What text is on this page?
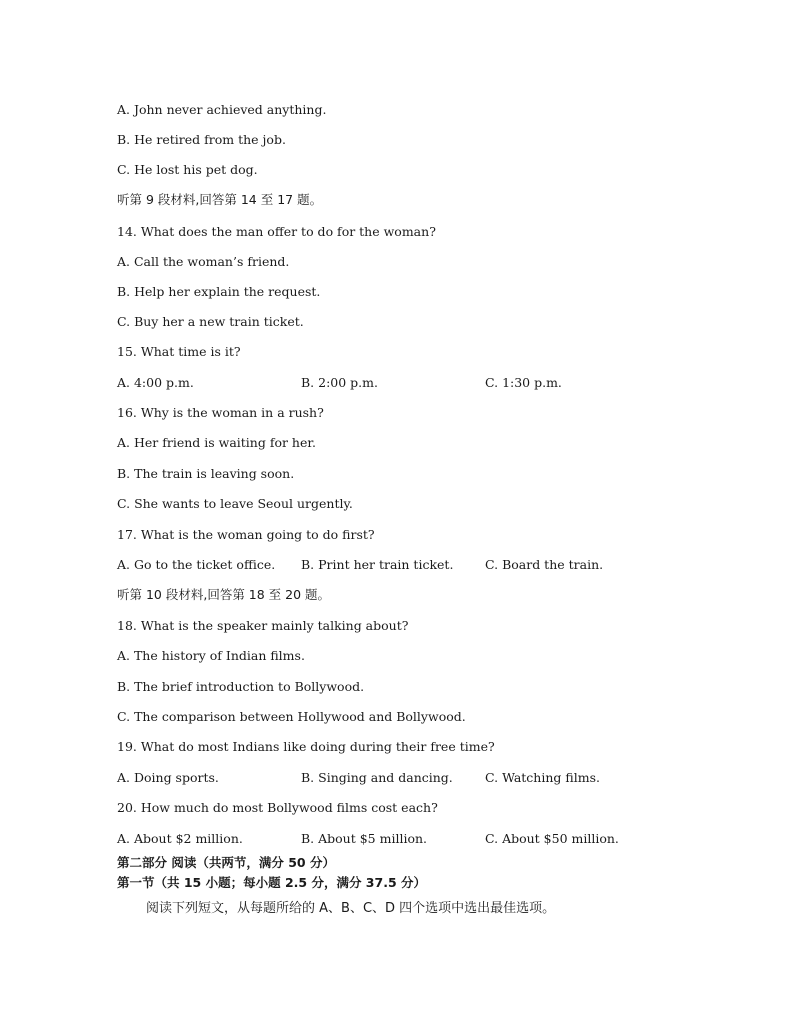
A. John never achieved anything.
B. He retired from the job.
C. He lost his pet dog.
听第 9 段材料,回答第 14 至 17 题。
14. What does the man offer to do for the woman?
A. Call the woman’s friend.
B. Help her explain the request.
C. Buy her a new train ticket.
15. What time is it?

A. 4:00 p.m.

	B. 2:00 p.m.

	C. 1:30 p.m.

16. Why is the woman in a rush?
A. Her friend is waiting for her.
B. The train is leaving soon.
C. She wants to leave Seoul urgently.
17. What is the woman going to do first?

A. Go to the ticket office.

B. Print her train ticket.

	C. Board the train.

听第 10 段材料,回答第 18 至 20 题。
18. What is the speaker mainly talking about?
A. The history of Indian films.
B. The brief introduction to Bollywood.
C. The comparison between Hollywood and Bollywood.
19. What do most Indians like doing during their free time?

A. Doing sports.

	B. Singing and dancing.

	C. Watching films.

20. How much do most Bollywood films cost each?

A. About $2 million.

	B. About $5 million.

	C. About $50 million.

第二部分 阅读（共两节，满分 50 分）
第一节（共 15 小题；每小题 2.5 分，满分 37.5 分）
阅读下列短文，从每题所给的 A、B、C、D 四个选项中选出最佳选项。
